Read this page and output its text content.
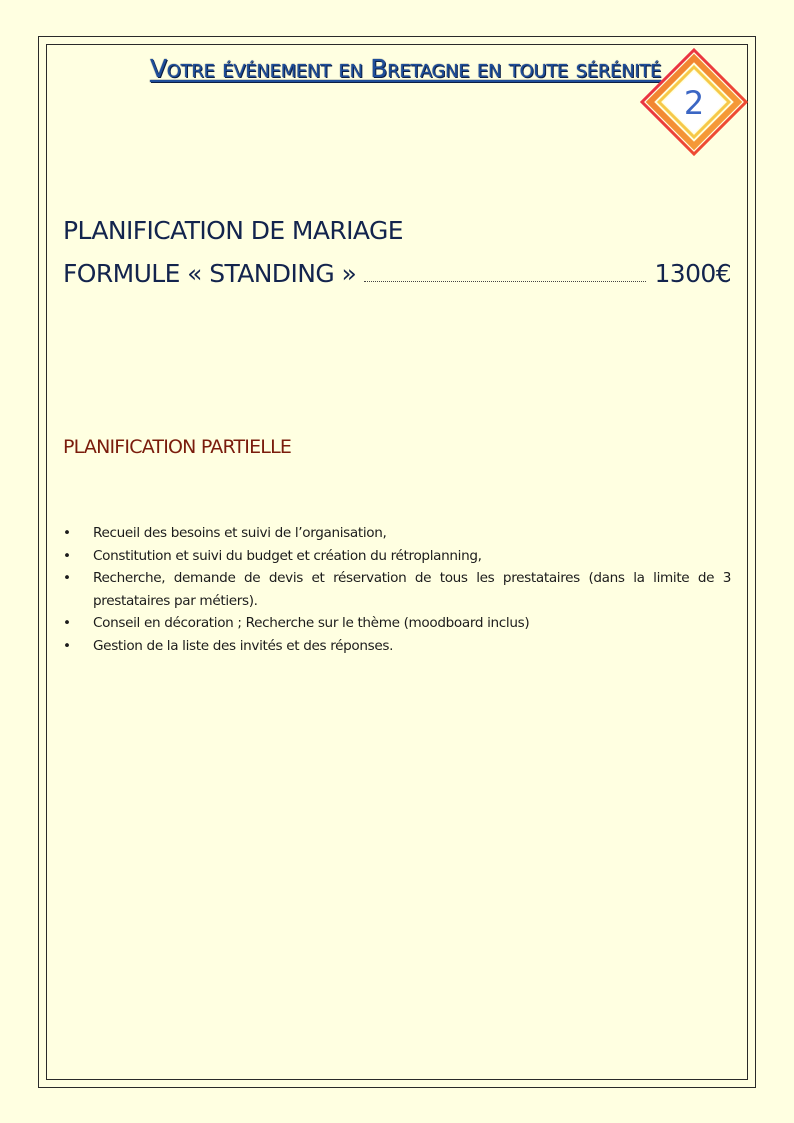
Votre événement en Bretagne en toute sérénité
2
PLANIFICATION DE MARIAGE
FORMULE « STANDING »	1300€
PLANIFICATION PARTIELLE
• Recueil des besoins et suivi de l’organisation,
• Constitution et suivi du budget et création du rétroplanning,
• Recherche, demande de devis et réservation de tous les prestataires (dans la limite de 3 prestataires par métiers).
• Conseil en décoration ; Recherche sur le thème (moodboard inclus)
• Gestion de la liste des invités et des réponses.
